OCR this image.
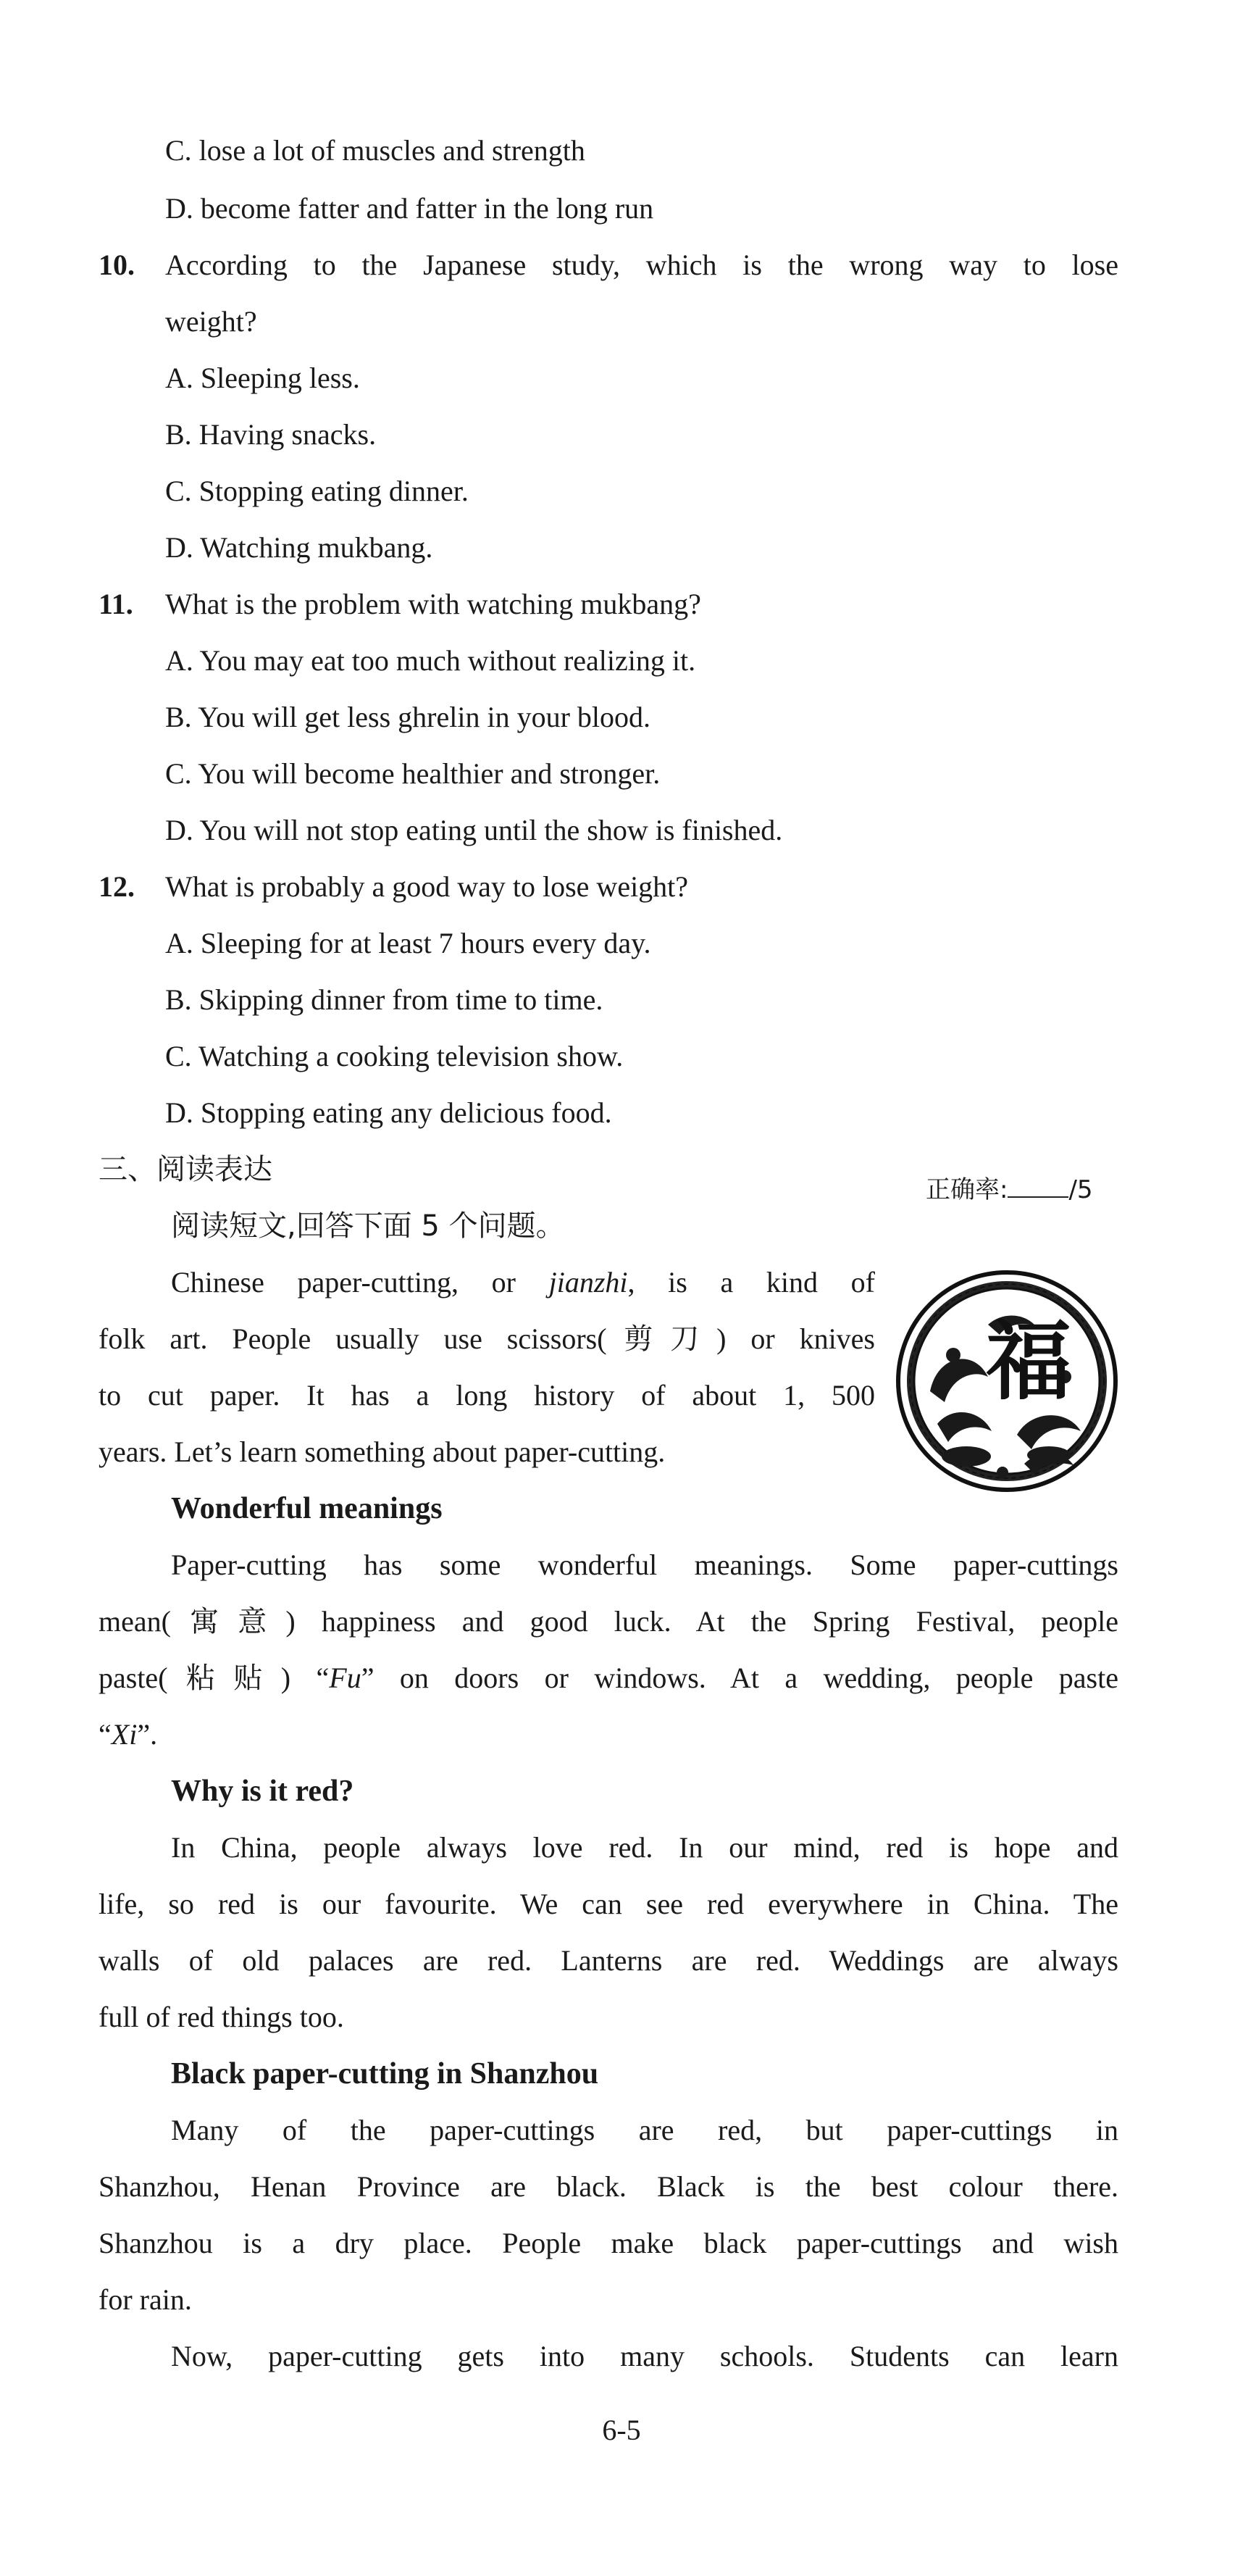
C. lose a lot of muscles and strength
D. become fatter and fatter in the long run
10. According to the Japanese study, which is the wrong way to lose
weight?
A. Sleeping less.
B. Having snacks.
C. Stopping eating dinner.
D. Watching mukbang.
11. What is the problem with watching mukbang?
A. You may eat too much without realizing it.
B. You will get less ghrelin in your blood.
C. You will become healthier and stronger.
D. You will not stop eating until the show is finished.
12. What is probably a good way to lose weight?
A. Sleeping for at least 7 hours every day.
B. Skipping dinner from time to time.
C. Watching a cooking television show.
D. Stopping eating any delicious food.
三、阅读表达
正确率: /5
阅读短文,回答下面 5 个问题。
Chinese paper-cutting, or jianzhi, is a kind of
folk art. People usually use scissors(剪刀) or knives
to cut paper. It has a long history of about 1, 500
years. Let’s learn something about paper-cutting.
福
Wonderful meanings
Paper-cutting has some wonderful meanings. Some paper-cuttings
mean(寓意) happiness and good luck. At the Spring Festival, people
paste(粘贴) “Fu” on doors or windows. At a wedding, people paste
“Xi”.
Why is it red?
In China, people always love red. In our mind, red is hope and
life, so red is our favourite. We can see red everywhere in China. The
walls of old palaces are red. Lanterns are red. Weddings are always
full of red things too.
Black paper-cutting in Shanzhou
Many of the paper-cuttings are red, but paper-cuttings in
Shanzhou, Henan Province are black. Black is the best colour there.
Shanzhou is a dry place. People make black paper-cuttings and wish
for rain.
Now, paper-cutting gets into many schools. Students can learn
6-5
